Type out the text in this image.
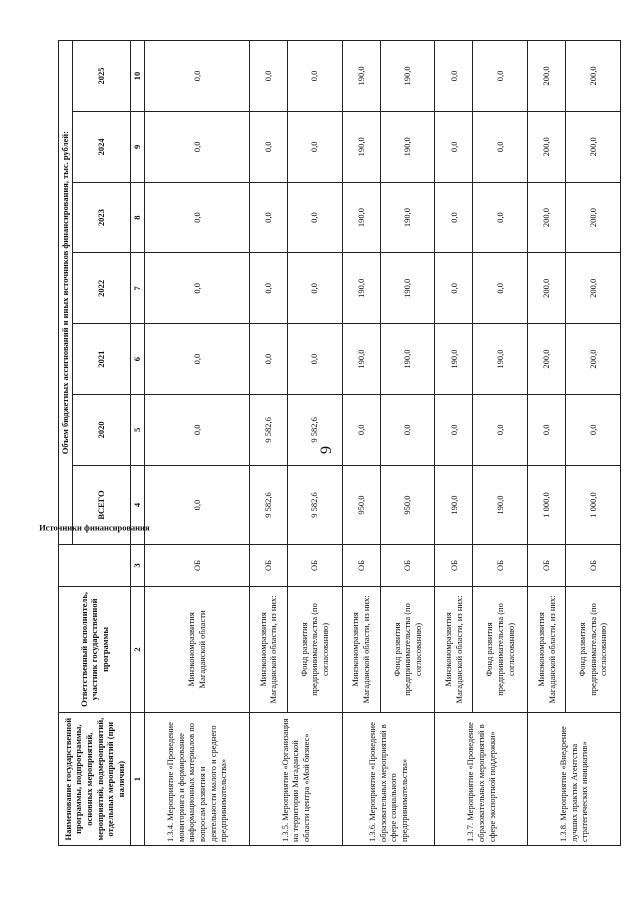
9
Наименование государственной программы, подпрограммы, основных мероприятий, мероприятий, подмероприятий, отдельных мероприятий (при наличии)	Ответственный исполнитель, участник государственной программы	Источники финансирования	Объем бюджетных ассигнований и иных источников финансирования, тыс. рублей:						
			ВСЕГО	2020	2021	2022	2023	2024	2025
1	2	3	4	5	6	7	8	9	10
1.3.4. Мероприятие «Проведение мониторинга и формирование информационных материалов по вопросам развития и деятельности малого и среднего предпринимательства»	Минэкономразвития Магаданской области	ОБ	0,0	0,0	0,0	0,0	0,0	0,0	0,0
1.3.5. Мероприятие «Организация на территории Магаданской области центра «Мой бизнес»	Минэкономразвития Магаданской области, из них:	ОБ	9 582,6	9 582,6	0,0	0,0	0,0	0,0	0,0
	Фонд развития предпринимательства (по согласованию)	ОБ	9 582,6	9 582,6	0,0	0,0	0,0	0,0	0,0
1.3.6. Мероприятие «Проведение образовательных мероприятий в сфере социального предпринимательства»	Минэкономразвития Магаданской области, из них:	ОБ	950,0	0,0	190,0	190,0	190,0	190,0	190,0
	Фонд развития предпринимательства (по согласованию)	ОБ	950,0	0,0	190,0	190,0	190,0	190,0	190,0
1.3.7. Мероприятие «Проведение образовательных мероприятий в сфере экспортной поддержки»	Минэкономразвития Магаданской области, из них:	ОБ	190,0	0,0	190,0	0,0	0,0	0,0	0,0
	Фонд развития предпринимательства (по согласованию)	ОБ	190,0	0,0	190,0	0,0	0,0	0,0	0,0
1.3.8. Мероприятие «Внедрение лучших практик Агентства стратегических инициатив»	Минэкономразвития Магаданской области, из них:	ОБ	1 000,0	0,0	200,0	200,0	200,0	200,0	200,0
	Фонд развития предпринимательства (по согласованию)	ОБ	1 000,0	0,0	200,0	200,0	200,0	200,0	200,0
